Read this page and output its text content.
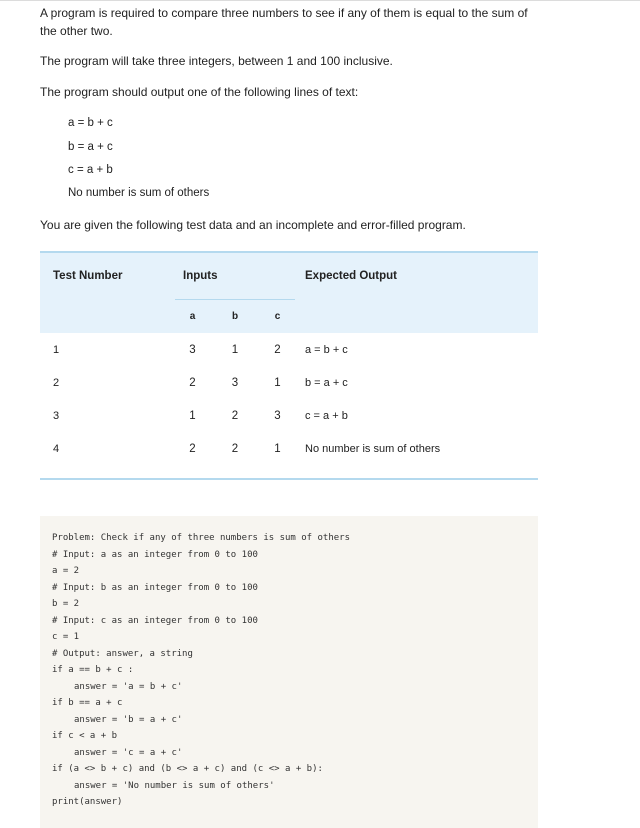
A program is required to compare three numbers to see if any of them is equal to the sum of
the other two.
The program will take three integers, between 1 and 100 inclusive.
The program should output one of the following lines of text:
a = b + c
b = a + c
c = a + b
No number is sum of others
You are given the following test data and an incomplete and error-filled program.
Test Number	Inputs			Expected Output
	a	b	c	
1	3	1	2	a = b + c
2	2	3	1	b = a + c
3	1	2	3	c = a + b
4	2	2	1	No number is sum of others
Problem: Check if any of three numbers is sum of others
# Input: a as an integer from 0 to 100
a = 2
# Input: b as an integer from 0 to 100
b = 2
# Input: c as an integer from 0 to 100
c = 1
# Output: answer, a string
if a == b + c :
answer = 'a = b + c'
if b == a + c
answer = 'b = a + c'
if c < a + b
answer = 'c = a + c'
if (a <> b + c) and (b <> a + c) and (c <> a + b):
answer = 'No number is sum of others'
print(answer)
